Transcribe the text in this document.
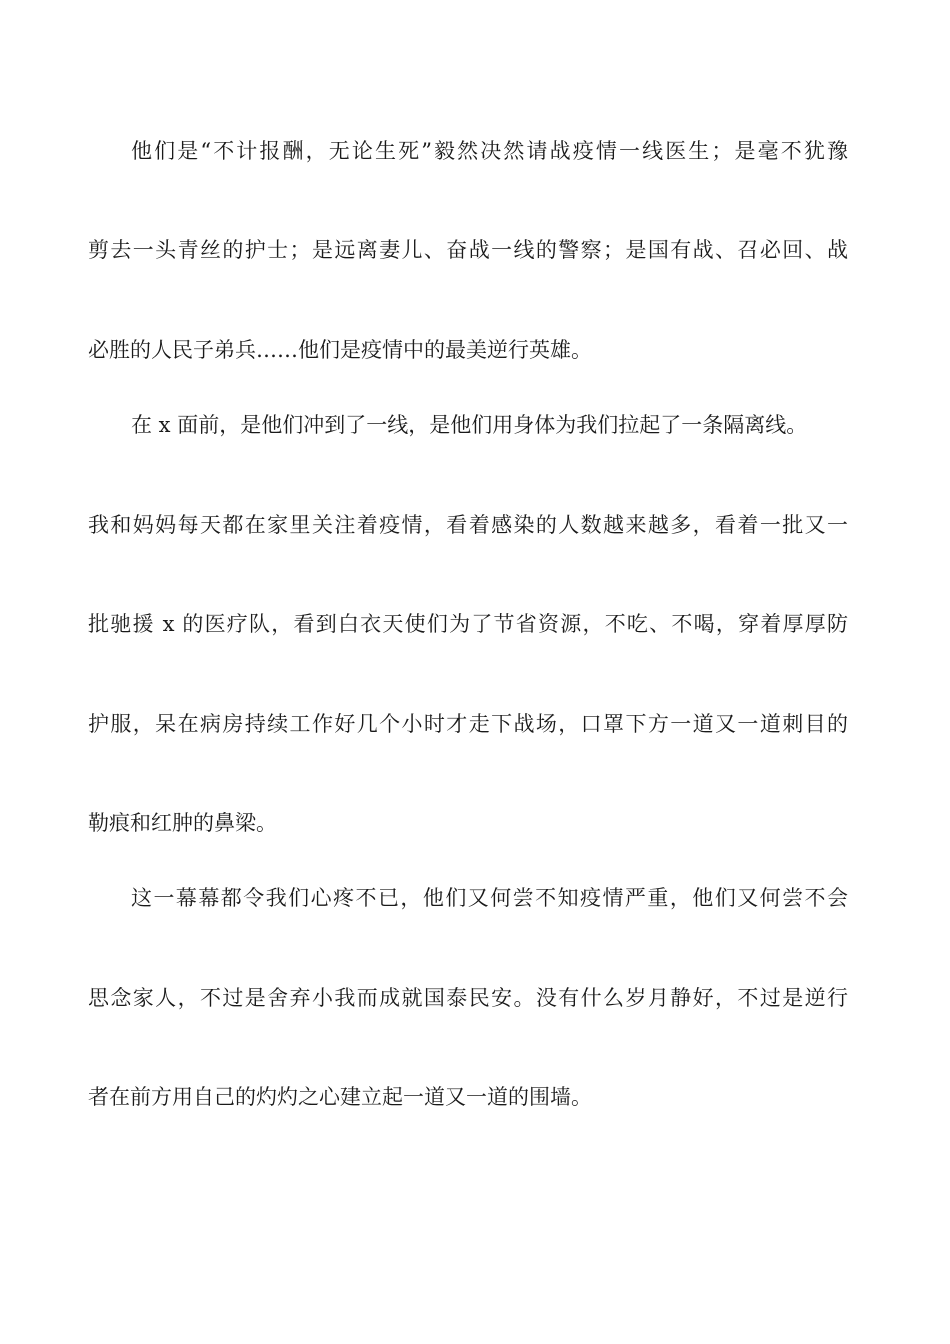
他们是“不计报酬，无论生死”毅然决然请战疫情一线医生；是毫不犹豫
剪去一头青丝的护士；是远离妻儿、奋战一线的警察；是国有战、召必回、战
必胜的人民子弟兵……他们是疫情中的最美逆行英雄。
在 x 面前，是他们冲到了一线，是他们用身体为我们拉起了一条隔离线。
我和妈妈每天都在家里关注着疫情，看着感染的人数越来越多，看着一批又一
批驰援 x 的医疗队，看到白衣天使们为了节省资源，不吃、不喝，穿着厚厚防
护服，呆在病房持续工作好几个小时才走下战场，口罩下方一道又一道刺目的
勒痕和红肿的鼻梁。
这一幕幕都令我们心疼不已，他们又何尝不知疫情严重，他们又何尝不会
思念家人，不过是舍弃小我而成就国泰民安。没有什么岁月静好，不过是逆行
者在前方用自己的灼灼之心建立起一道又一道的围墙。
